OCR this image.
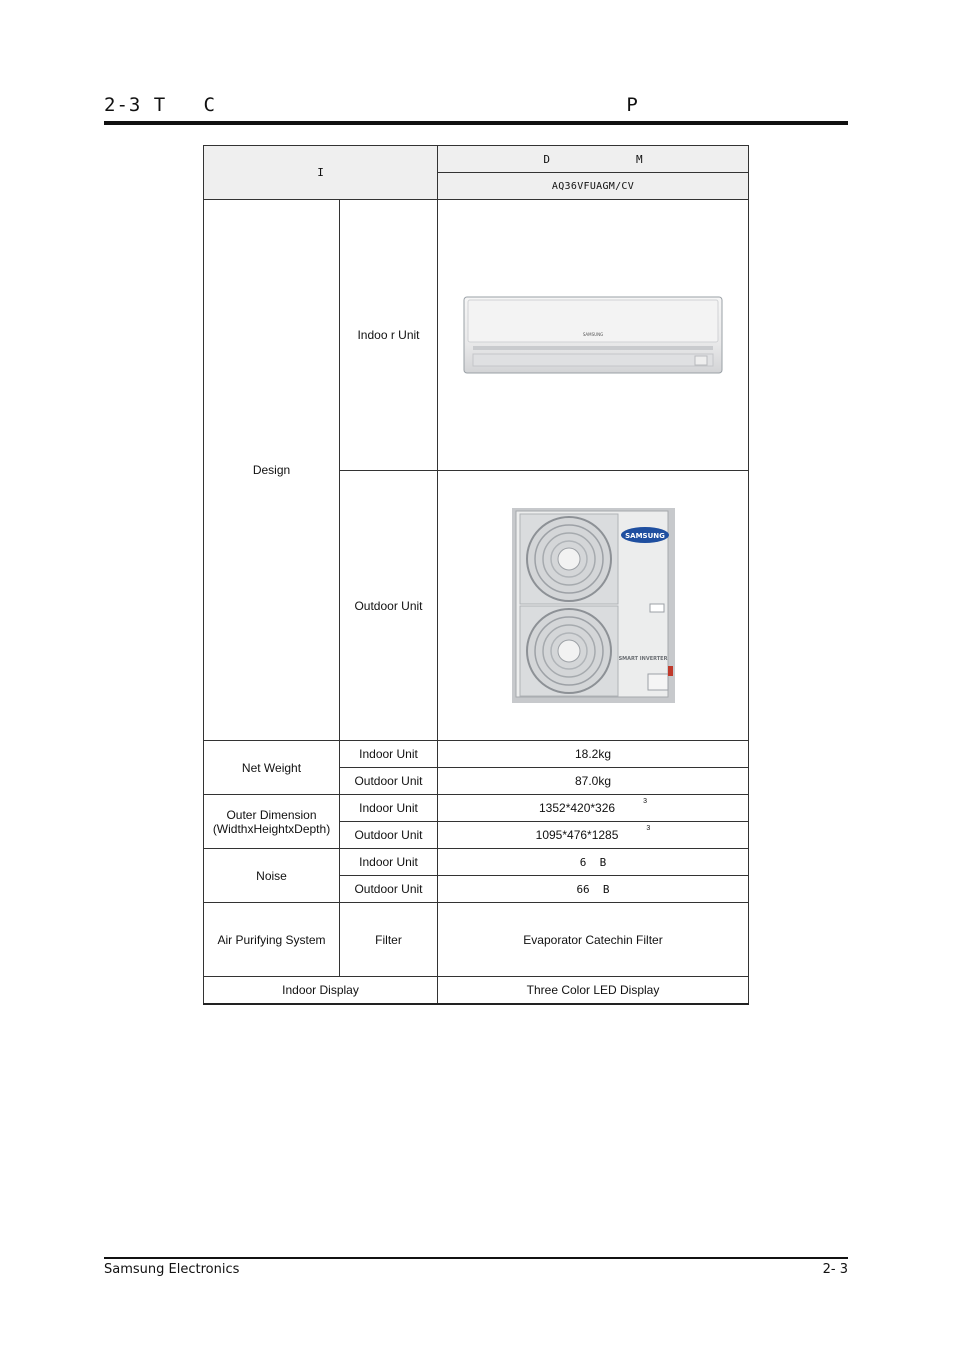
2-3 T   C                                 P
I		D             M
		AQ36VFUAGM/CV
Design	Indoo r Unit	SAMSUNG

	Outdoor Unit	SAMSUNG
SMART INVERTER

Net Weight	Indoor Unit	18.2kg
	Outdoor Unit	87.0kg

Outer Dimension
(WidthxHeightxDepth)	Indoor Unit	1352*420*326 $^3$
	Outdoor Unit	1095*476*1285 $^3$
Noise	Indoor Unit	6  B
	Outdoor Unit	66  B
Air Purifying System	Filter	Evaporator Catechin Filter
Indoor Display		Three Color LED Display
Samsung Electronics	2- 3
